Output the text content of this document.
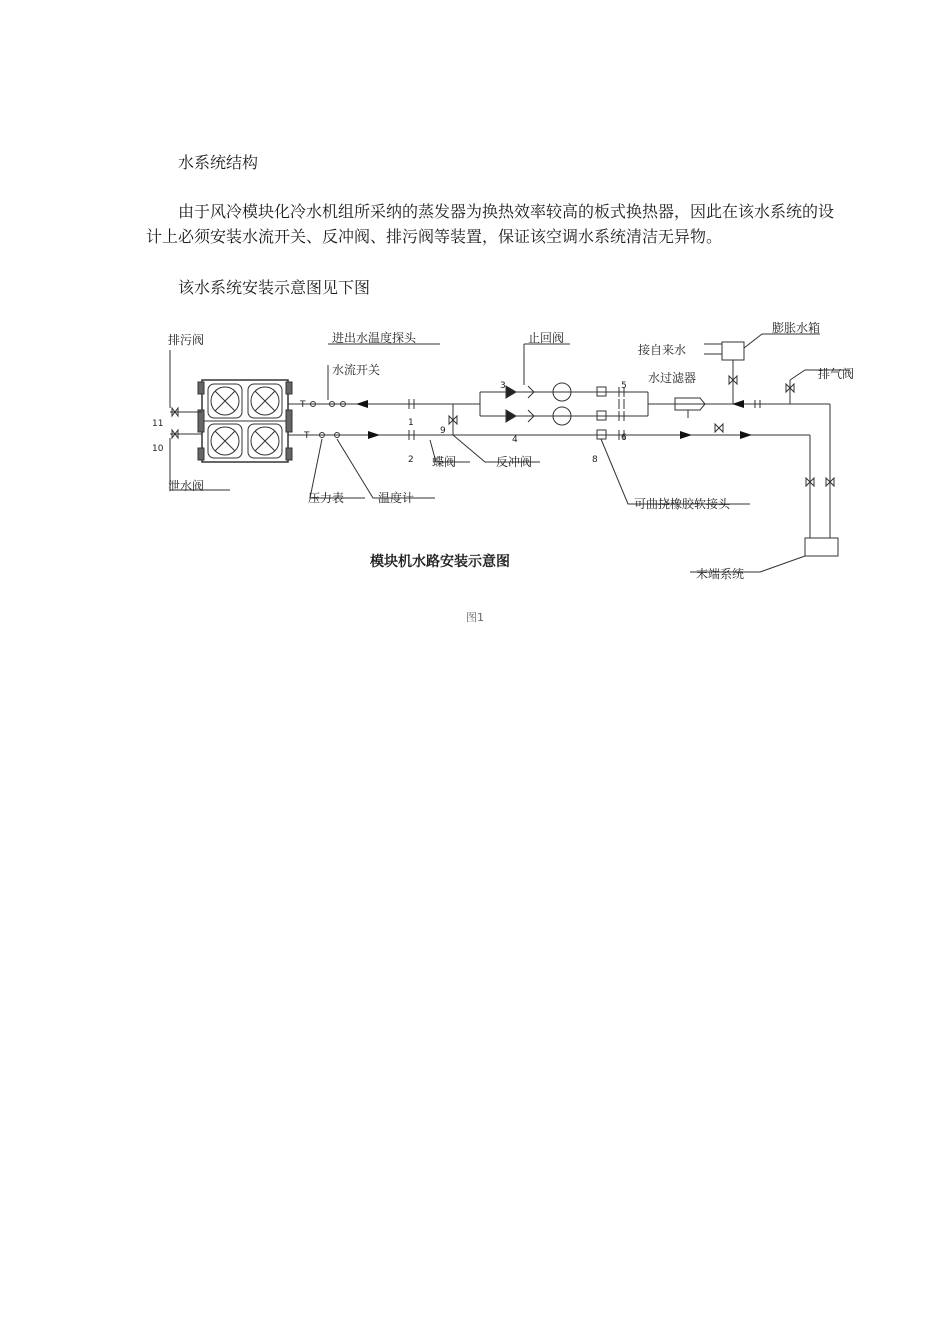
水系统结构
由于风冷模块化冷水机组所采纳的蒸发器为换热效率较高的板式换热器，因此在该水系统的设计上必须安装水流开关、反冲阀、排污阀等装置，保证该空调水系统清洁无异物。
该水系统安装示意图见下图
排污阀	进出水温度探头
水流开关
止回阀
接自来水
膨胀水箱
水过滤器	排气阀
泄水阀
压力表	温度计
蝶阀	反冲阀
可曲挠橡胶软接头
末端系统
11
10
1
2
9
3
4
5
6
8
T
T
模块机水路安装示意图
图1
